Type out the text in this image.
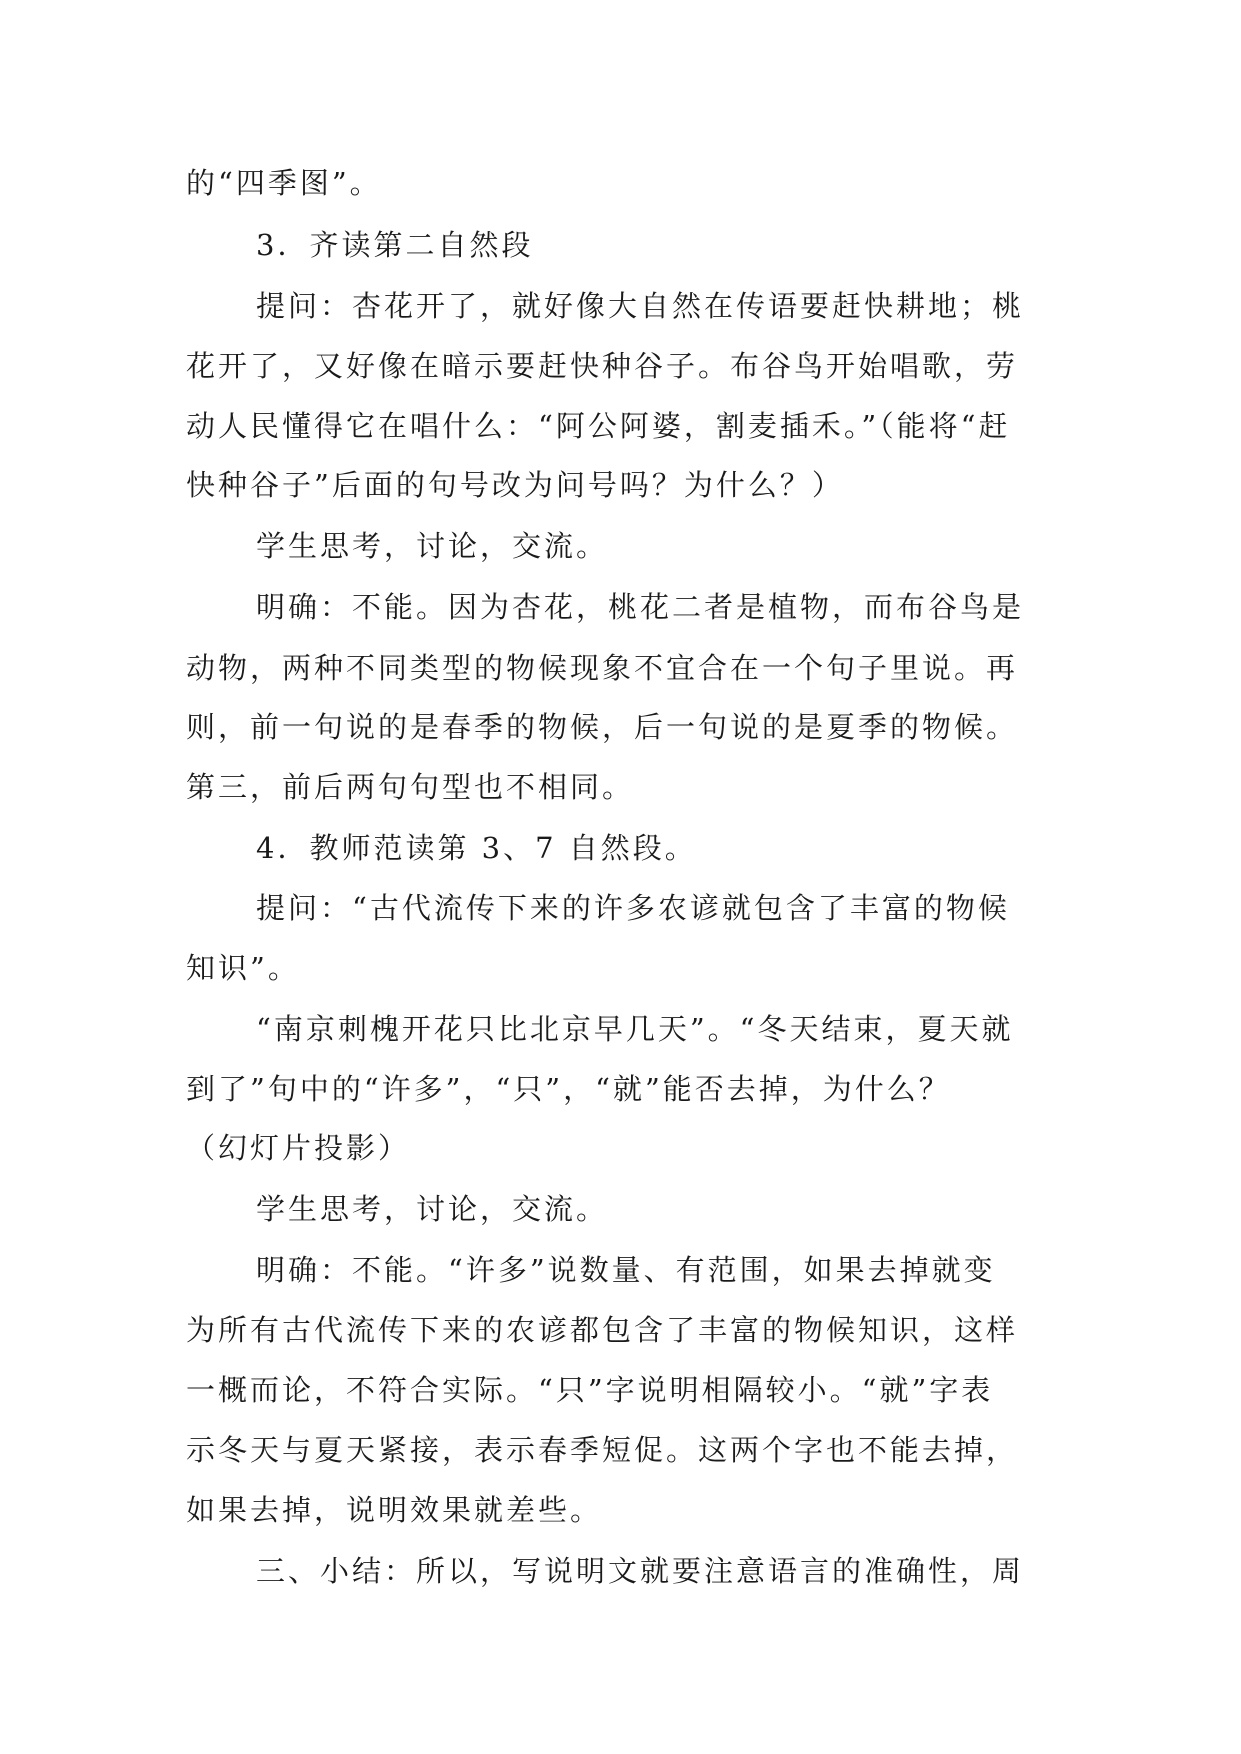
的“四季图”。
3．齐读第二自然段
提问：杏花开了，就好像大自然在传语要赶快耕地；桃
花开了，又好像在暗示要赶快种谷子。布谷鸟开始唱歌，劳
动人民懂得它在唱什么：“阿公阿婆，割麦插禾。”（能将“赶
快种谷子”后面的句号改为问号吗？为什么？）
学生思考，讨论，交流。
明确：不能。因为杏花，桃花二者是植物，而布谷鸟是
动物，两种不同类型的物候现象不宜合在一个句子里说。再
则，前一句说的是春季的物候，后一句说的是夏季的物候。
第三，前后两句句型也不相同。
4．教师范读第 3、7 自然段。
提问：“古代流传下来的许多农谚就包含了丰富的物候
知识”。
“南京刺槐开花只比北京早几天”。“冬天结束，夏天就
到了”句中的“许多”，“只”，“就”能否去掉，为什么？
（幻灯片投影）
学生思考，讨论，交流。
明确：不能。“许多”说数量、有范围，如果去掉就变
为所有古代流传下来的农谚都包含了丰富的物候知识，这样
一概而论，不符合实际。“只”字说明相隔较小。“就”字表
示冬天与夏天紧接，表示春季短促。这两个字也不能去掉，
如果去掉，说明效果就差些。
三、小结：所以，写说明文就要注意语言的准确性，周
